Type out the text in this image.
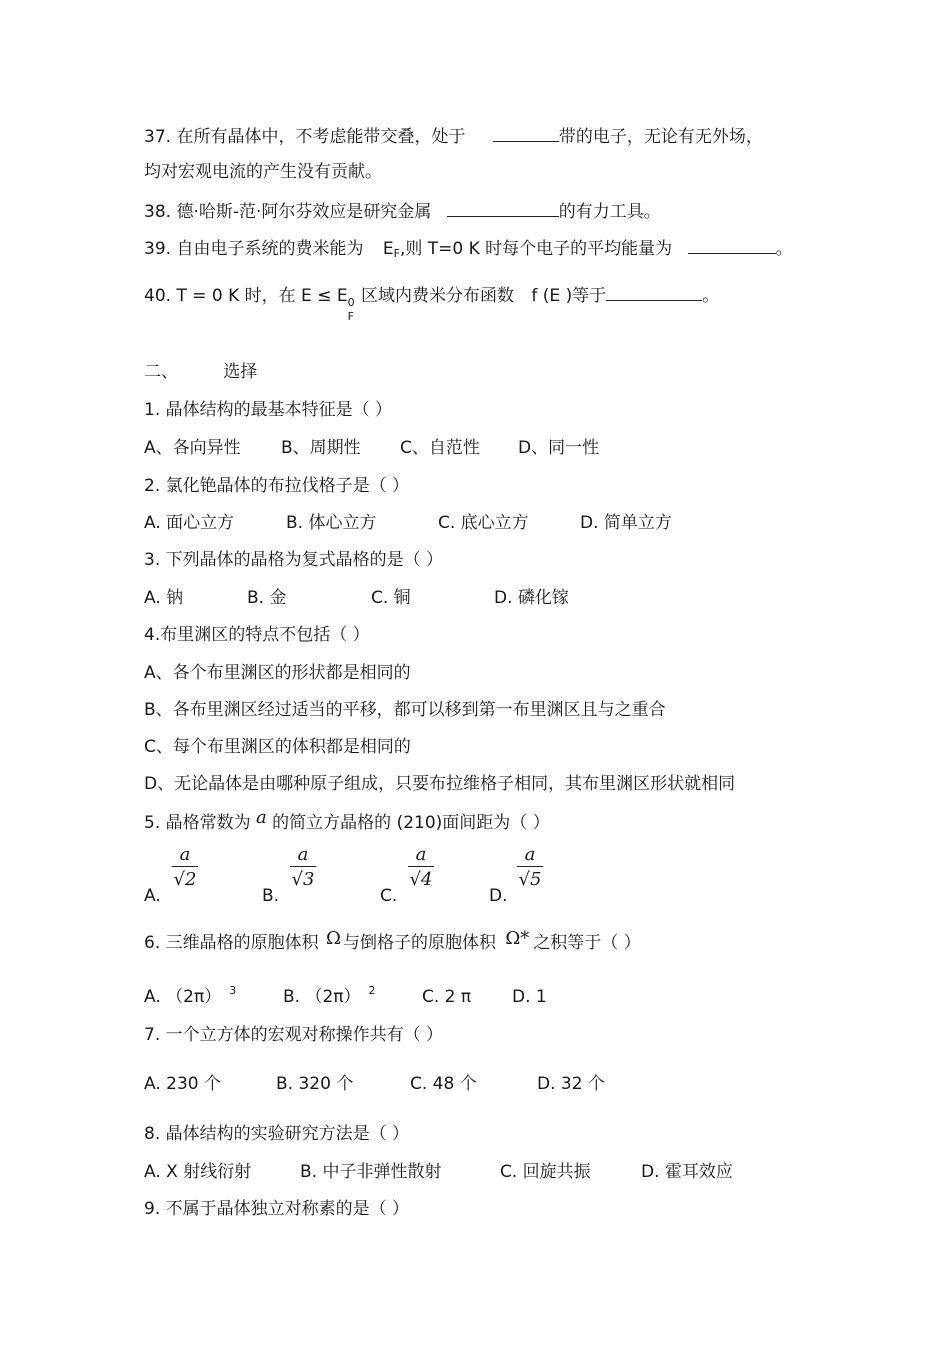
37. 在所有晶体中，不考虑能带交叠，处于	带的电子，无论有无外场，
均对宏观电流的产生没有贡献。
38. 德·哈斯-范·阿尔芬效应是研究金属	的有力工具。
39. 自由电子系统的费米能为 EF,则 T=0 K 时每个电子的平均能量为	。
40. T = 0 K 时，在 E ≤ E 0
F
区域内费米分布函数 f (E )等于	。
二、	选择
1. 晶体结构的最基本特征是（ ）
A、各向异性 B、周期性 C、自范性 D、同一性
2. 氯化铯晶体的布拉伐格子是（ ）
A. 面心立方	B. 体心立方	C. 底心立方	D. 简单立方
3. 下列晶体的晶格为复式晶格的是（ ）
A. 钠	B. 金	C. 铜	D. 磷化镓
4.布里渊区的特点不包括（ ）
A、各个布里渊区的形状都是相同的
B、各布里渊区经过适当的平移，都可以移到第一布里渊区且与之重合
C、每个布里渊区的体积都是相同的
D、无论晶体是由哪种原子组成，只要布拉维格子相同，其布里渊区形状就相同
5. 晶格常数为 a 的简立方晶格的 (210)面间距为（ ）
A.
a
√2
B.
a
√3
C.
a
√4
D.
a
√5
6. 三维晶格的原胞体积 Ω 与倒格子的原胞体积 Ω* 之积等于（ ）
A. （2π） $^3$	B. （2π） $^2$	C. 2 π D. 1
7. 一个立方体的宏观对称操作共有（ ）
A. 230 个	B. 320 个	C. 48 个	D. 32 个
8. 晶体结构的实验研究方法是（ ）
A. X 射线衍射	B. 中子非弹性散射	C. 回旋共振	D. 霍耳效应
9. 不属于晶体独立对称素的是（ ）
